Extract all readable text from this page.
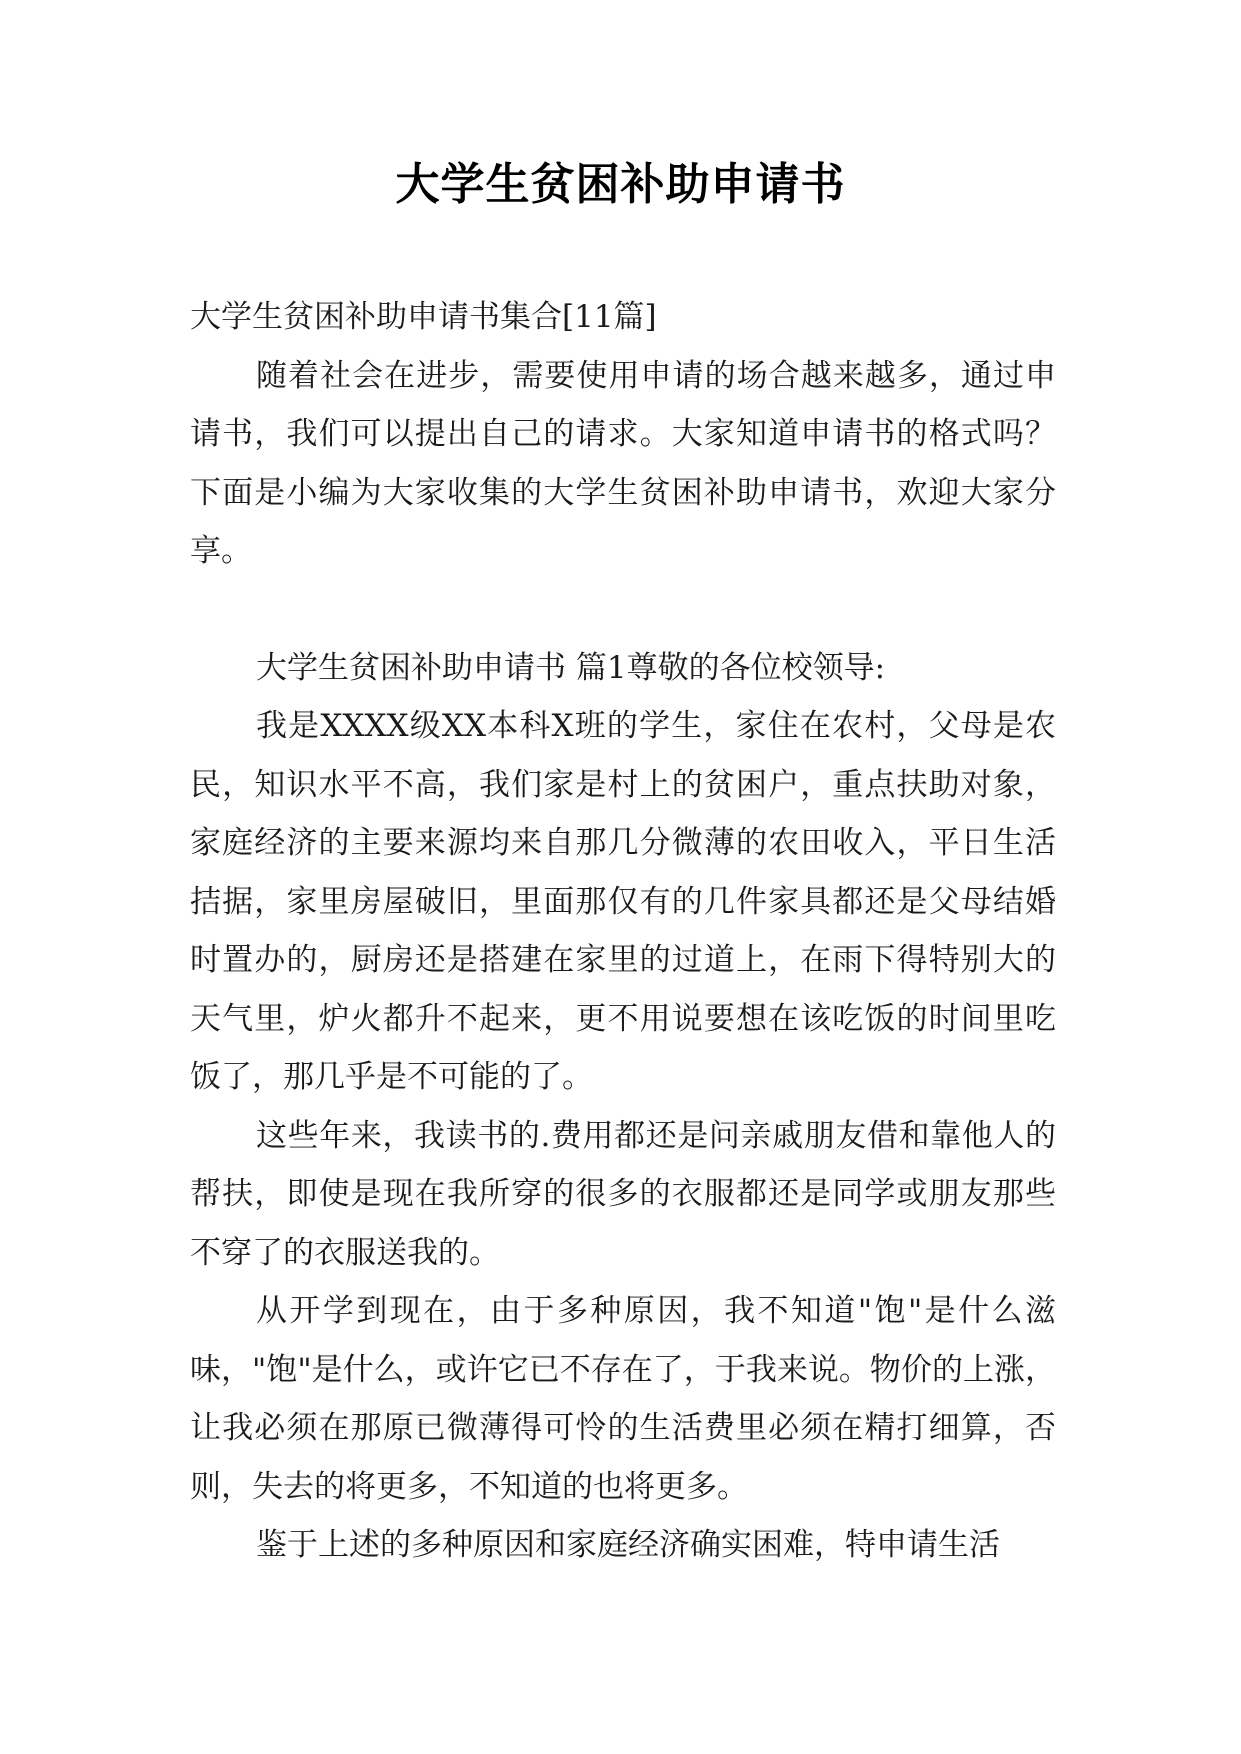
大学生贫困补助申请书

大学生贫困补助申请书集合[11篇]

随着社会在进步，需要使用申请的场合越来越多，通过申请书，我们可以提出自己的请求。大家知道申请书的格式吗？下面是小编为大家收集的大学生贫困补助申请书，欢迎大家分享。

大学生贫困补助申请书 篇1尊敬的各位校领导:

我是XXXX级XX本科X班的学生，家住在农村，父母是农民，知识水平不高，我们家是村上的贫困户，重点扶助对象，家庭经济的主要来源均来自那几分微薄的农田收入，平日生活拮据，家里房屋破旧，里面那仅有的几件家具都还是父母结婚时置办的，厨房还是搭建在家里的过道上，在雨下得特别大的天气里，炉火都升不起来，更不用说要想在该吃饭的时间里吃饭了，那几乎是不可能的了。

这些年来，我读书的.费用都还是问亲戚朋友借和靠他人的帮扶，即使是现在我所穿的很多的衣服都还是同学或朋友那些不穿了的衣服送我的。

从开学到现在，由于多种原因，我不知道"饱"是什么滋味，"饱"是什么，或许它已不存在了，于我来说。物价的上涨，让我必须在那原已微薄得可怜的生活费里必须在精打细算，否则，失去的将更多，不知道的也将更多。

鉴于上述的多种原因和家庭经济确实困难，特申请生活
